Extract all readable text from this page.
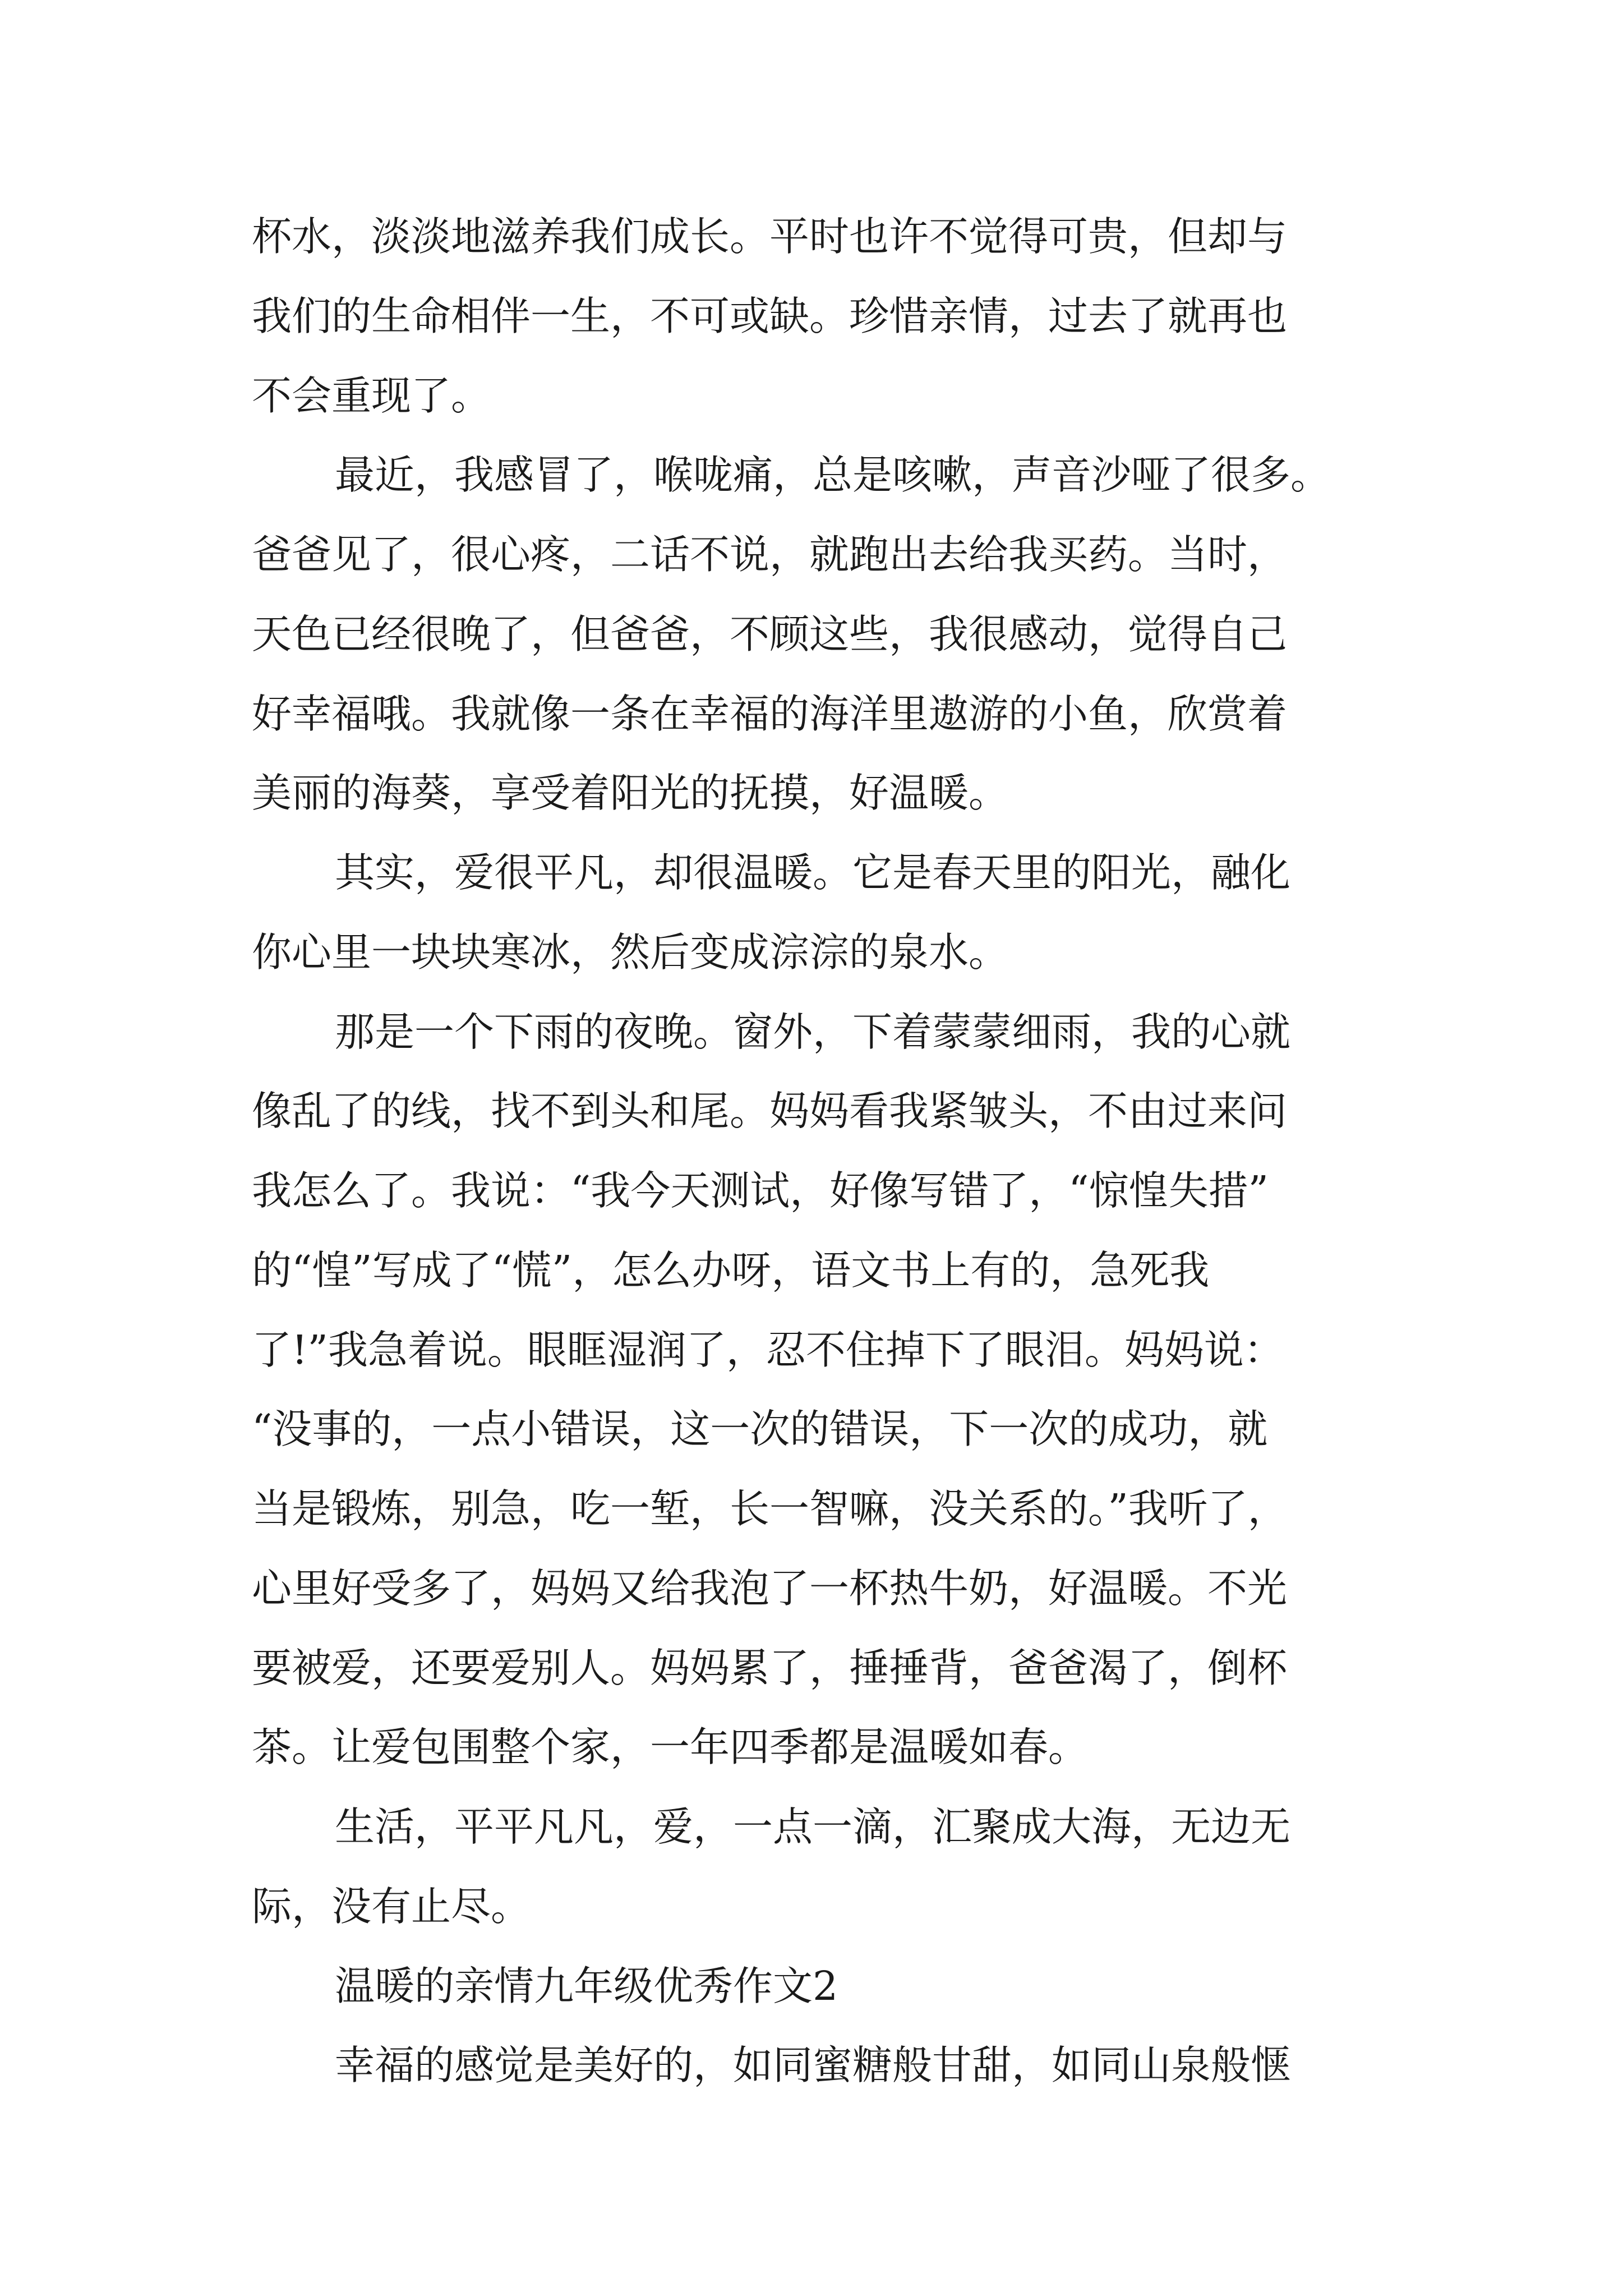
杯水，淡淡地滋养我们成长。平时也许不觉得可贵，但却与

我们的生命相伴一生，不可或缺。珍惜亲情，过去了就再也

不会重现了。

最近，我感冒了，喉咙痛，总是咳嗽，声音沙哑了很多。

爸爸见了，很心疼，二话不说，就跑出去给我买药。当时，

天色已经很晚了，但爸爸，不顾这些，我很感动，觉得自己

好幸福哦。我就像一条在幸福的海洋里遨游的小鱼，欣赏着

美丽的海葵，享受着阳光的抚摸，好温暖。

其实，爱很平凡，却很温暖。它是春天里的阳光，融化

你心里一块块寒冰，然后变成淙淙的泉水。

那是一个下雨的夜晚。窗外，下着蒙蒙细雨，我的心就

像乱了的线，找不到头和尾。妈妈看我紧皱头，不由过来问

我怎么了。我说：“我今天测试，好像写错了，“惊惶失措”

的“惶”写成了“慌”，怎么办呀，语文书上有的，急死我

了!”我急着说。眼眶湿润了，忍不住掉下了眼泪。妈妈说：

“没事的，一点小错误，这一次的错误，下一次的成功，就

当是锻炼，别急，吃一堑，长一智嘛，没关系的。”我听了，

心里好受多了，妈妈又给我泡了一杯热牛奶，好温暖。不光

要被爱，还要爱别人。妈妈累了，捶捶背，爸爸渴了，倒杯

茶。让爱包围整个家，一年四季都是温暖如春。

生活，平平凡凡，爱，一点一滴，汇聚成大海，无边无

际，没有止尽。

温暖的亲情九年级优秀作文2

幸福的感觉是美好的，如同蜜糖般甘甜，如同山泉般惬
